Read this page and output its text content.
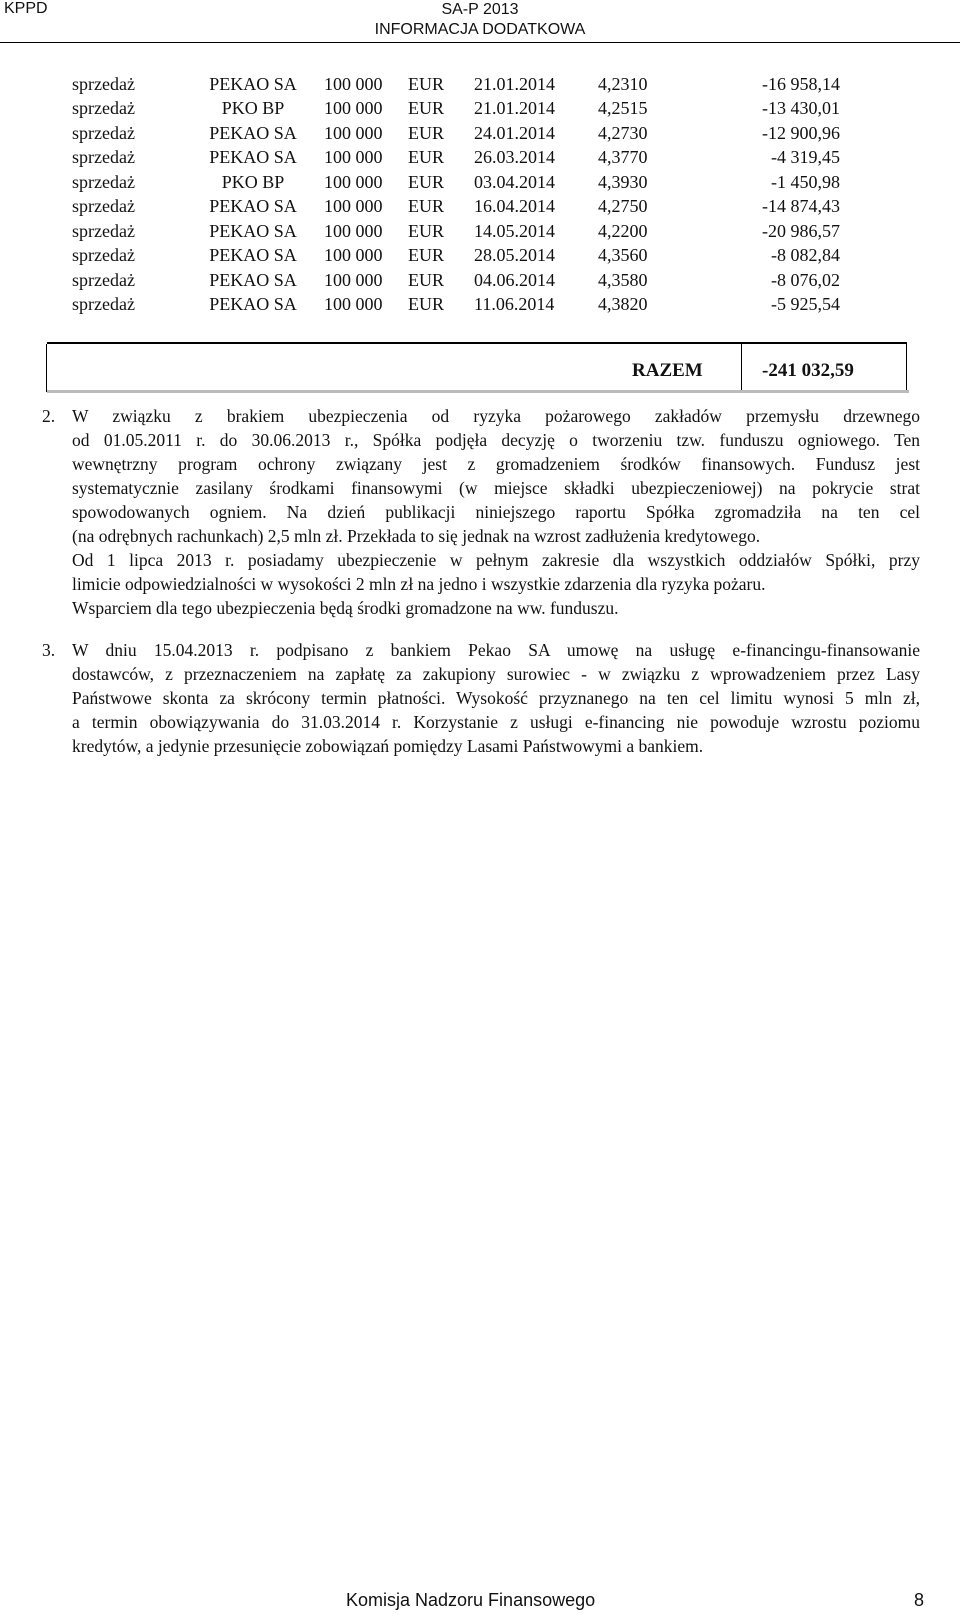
KPPD	SA-P 2013
INFORMACJA DODATKOWA
sprzedaż	PEKAO SA	100 000	EUR	21.01.2014	4,2310	-16 958,14
sprzedaż	PKO BP	100 000	EUR	21.01.2014	4,2515	-13 430,01
sprzedaż	PEKAO SA	100 000	EUR	24.01.2014	4,2730	-12 900,96
sprzedaż	PEKAO SA	100 000	EUR	26.03.2014	4,3770	-4 319,45
sprzedaż	PKO BP	100 000	EUR	03.04.2014	4,3930	-1 450,98
sprzedaż	PEKAO SA	100 000	EUR	16.04.2014	4,2750	-14 874,43
sprzedaż	PEKAO SA	100 000	EUR	14.05.2014	4,2200	-20 986,57
sprzedaż	PEKAO SA	100 000	EUR	28.05.2014	4,3560	-8 082,84
sprzedaż	PEKAO SA	100 000	EUR	04.06.2014	4,3580	-8 076,02
sprzedaż	PEKAO SA	100 000	EUR	11.06.2014	4,3820	-5 925,54
RAZEM	-241 032,59
2. W związku z brakiem ubezpieczenia od ryzyka pożarowego zakładów przemysłu drzewnego
od 01.05.2011 r. do 30.06.2013 r., Spółka podjęła decyzję o tworzeniu tzw. funduszu ogniowego. Ten
wewnętrzny program ochrony związany jest z gromadzeniem środków finansowych. Fundusz jest
systematycznie zasilany środkami finansowymi (w miejsce składki ubezpieczeniowej) na pokrycie strat
spowodowanych ogniem. Na dzień publikacji niniejszego raportu Spółka zgromadziła na ten cel
(na odrębnych rachunkach) 2,5 mln zł. Przekłada to się jednak na wzrost zadłużenia kredytowego.
Od 1 lipca 2013 r. posiadamy ubezpieczenie w pełnym zakresie dla wszystkich oddziałów Spółki, przy
limicie odpowiedzialności w wysokości 2 mln zł na jedno i wszystkie zdarzenia dla ryzyka pożaru.
Wsparciem dla tego ubezpieczenia będą środki gromadzone na ww. funduszu.
3. W dniu 15.04.2013 r. podpisano z bankiem Pekao SA umowę na usługę e-financingu-finansowanie
dostawców, z przeznaczeniem na zapłatę za zakupiony surowiec - w związku z wprowadzeniem przez Lasy
Państwowe skonta za skrócony termin płatności. Wysokość przyznanego na ten cel limitu wynosi 5 mln zł,
a termin obowiązywania do 31.03.2014 r. Korzystanie z usługi e-financing nie powoduje wzrostu poziomu
kredytów, a jedynie przesunięcie zobowiązań pomiędzy Lasami Państwowymi a bankiem.
Komisja Nadzoru Finansowego	8
